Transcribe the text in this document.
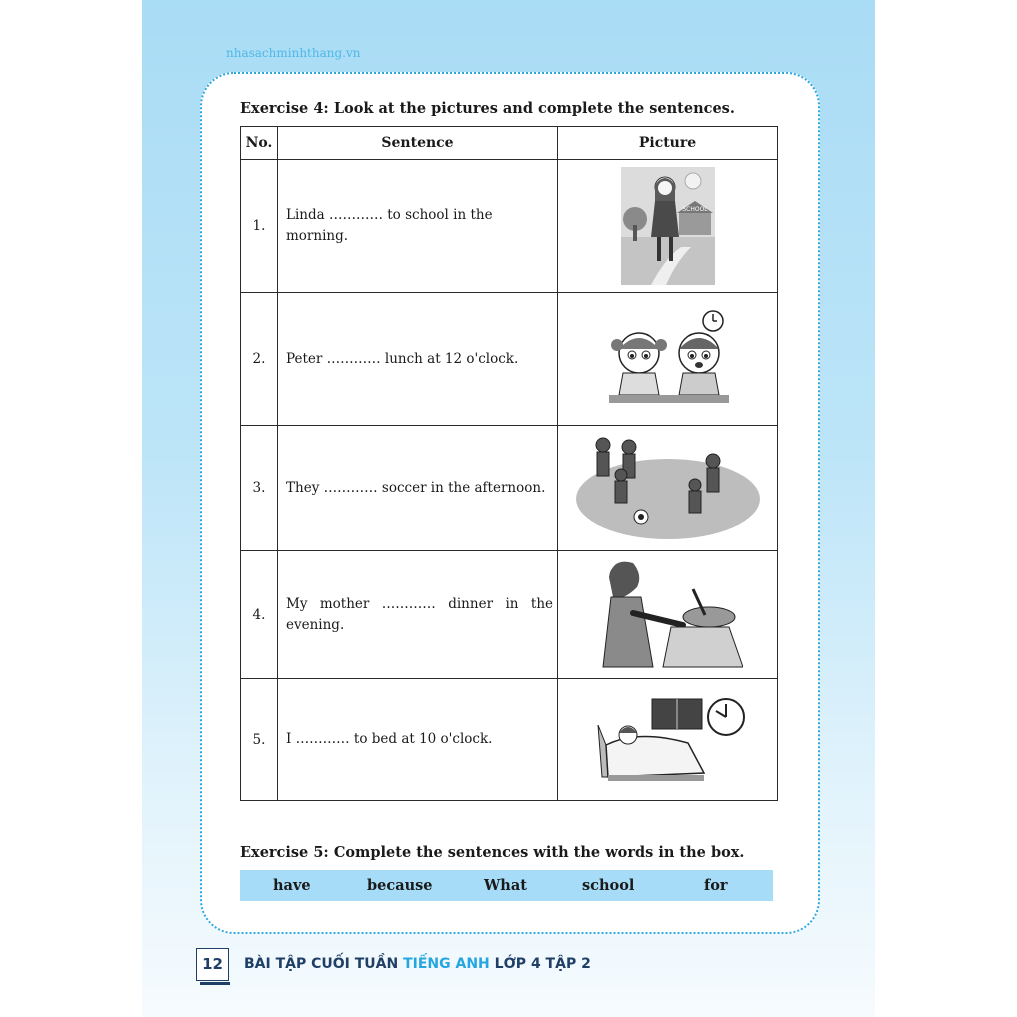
nhasachminhthang.vn
Exercise 4: Look at the pictures and complete the sentences.
No.	Sentence	Picture
1.	Linda ………… to school in the morning.	SCHOOL

2.	Peter ………… lunch at 12 o'clock.	

3.	They ………… soccer in the afternoon.	

4.	My mother ………… dinner in the evening.	

5.	I ………… to bed at 10 o'clock.	
Exercise 5: Complete the sentences with the words in the box.
have	because	What	school	for
12	BÀI TẬP CUỐI TUẦN TIẾNG ANH LỚP 4 TẬP 2
